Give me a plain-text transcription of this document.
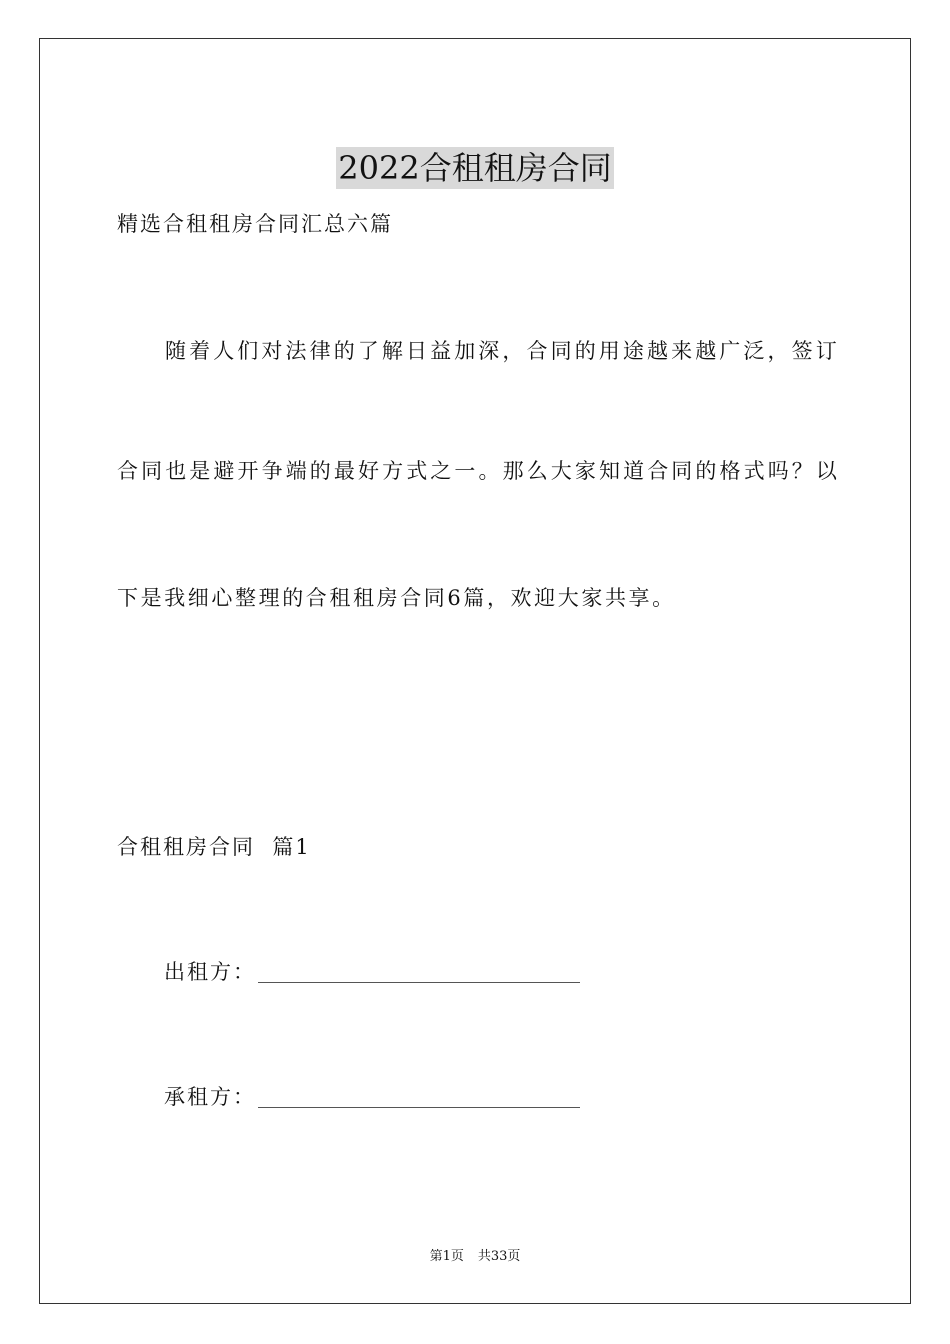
2022合租租房合同
精选合租租房合同汇总六篇
随着人们对法律的了解日益加深，合同的用途越来越广泛，签订
合同也是避开争端的最好方式之一。那么大家知道合同的格式吗？以
下是我细心整理的合租租房合同6篇，欢迎大家共享。
合租租房合同  篇1
出租方：
承租方：
第1页 共33页
